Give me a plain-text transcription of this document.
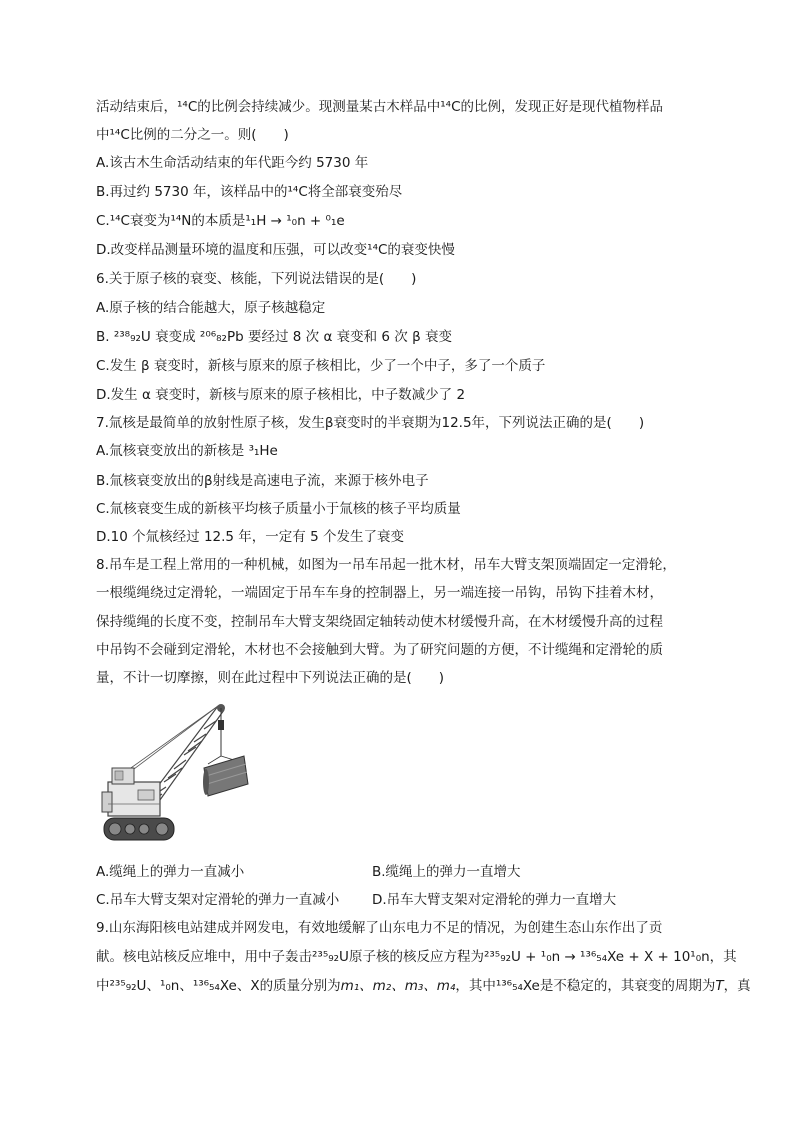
活动结束后，¹⁴C的比例会持续减少。现测量某古木样品中¹⁴C的比例，发现正好是现代植物样品
中¹⁴C比例的二分之一。则(　　)
A.该古木生命活动结束的年代距今约 5730 年
B.再过约 5730 年，该样品中的¹⁴C将全部衰变殆尽
C.¹⁴C衰变为¹⁴N的本质是¹₁H → ¹₀n + ⁰₁e
D.改变样品测量环境的温度和压强，可以改变¹⁴C的衰变快慢
6.关于原子核的衰变、核能，下列说法错误的是(　　)
A.原子核的结合能越大，原子核越稳定
B. ²³⁸₉₂U 衰变成 ²⁰⁶₈₂Pb 要经过 8 次 α 衰变和 6 次 β 衰变
C.发生 β 衰变时，新核与原来的原子核相比，少了一个中子，多了一个质子
D.发生 α 衰变时，新核与原来的原子核相比，中子数减少了 2
7.氚核是最简单的放射性原子核，发生β衰变时的半衰期为12.5年，下列说法正确的是(　　)
A.氚核衰变放出的新核是 ³₁He
B.氚核衰变放出的β射线是高速电子流，来源于核外电子
C.氚核衰变生成的新核平均核子质量小于氚核的核子平均质量
D.10 个氚核经过 12.5 年，一定有 5 个发生了衰变
8.吊车是工程上常用的一种机械，如图为一吊车吊起一批木材，吊车大臂支架顶端固定一定滑轮，
一根缆绳绕过定滑轮，一端固定于吊车车身的控制器上，另一端连接一吊钩，吊钩下挂着木材，
保持缆绳的长度不变，控制吊车大臂支架绕固定轴转动使木材缓慢升高，在木材缓慢升高的过程
中吊钩不会碰到定滑轮，木材也不会接触到大臂。为了研究问题的方便，不计缆绳和定滑轮的质
量，不计一切摩擦，则在此过程中下列说法正确的是(　　)
A.缆绳上的弹力一直减小	B.缆绳上的弹力一直增大
C.吊车大臂支架对定滑轮的弹力一直减小 D.吊车大臂支架对定滑轮的弹力一直增大
9.山东海阳核电站建成并网发电，有效地缓解了山东电力不足的情况，为创建生态山东作出了贡
献。核电站核反应堆中，用中子轰击²³⁵₉₂U原子核的核反应方程为²³⁵₉₂U + ¹₀n → ¹³⁶₅₄Xe + X + 10¹₀n，其
中²³⁵₉₂U、¹₀n、¹³⁶₅₄Xe、X的质量分别为m₁、m₂、m₃、m₄，其中¹³⁶₅₄Xe是不稳定的，其衰变的周期为T，真
